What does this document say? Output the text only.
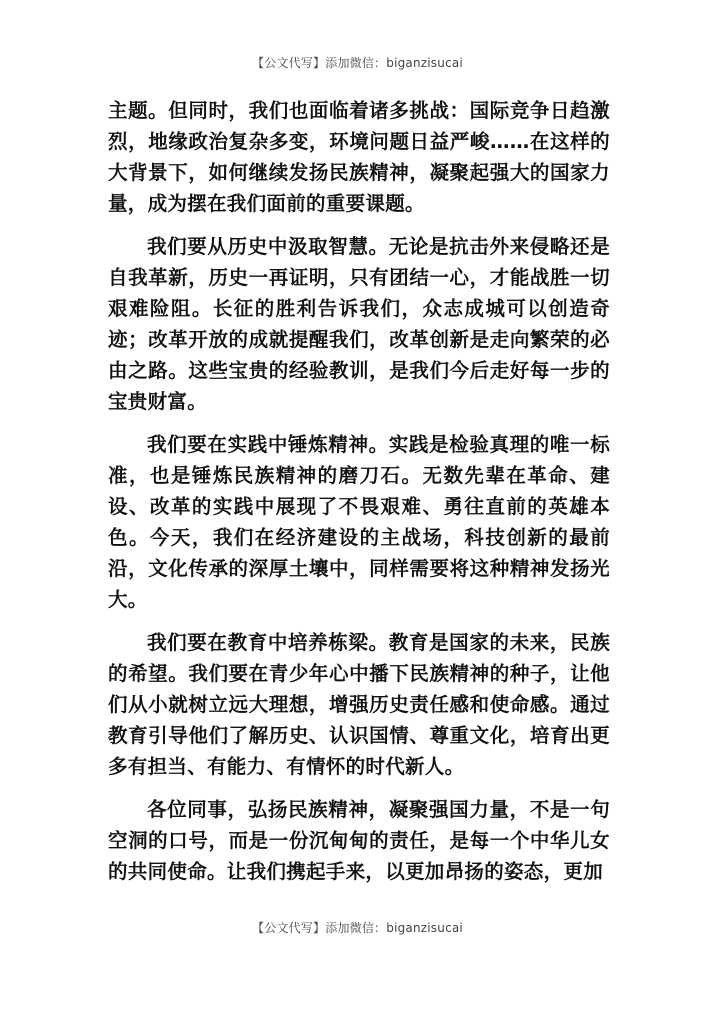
【公文代写】添加微信：biganzisucai

主题。但同时，我们也面临着诸多挑战：国际竞争日趋激烈，地缘政治复杂多变，环境问题日益严峻……在这样的大背景下，如何继续发扬民族精神，凝聚起强大的国家力量，成为摆在我们面前的重要课题。

我们要从历史中汲取智慧。无论是抗击外来侵略还是自我革新，历史一再证明，只有团结一心，才能战胜一切艰难险阻。长征的胜利告诉我们，众志成城可以创造奇迹；改革开放的成就提醒我们，改革创新是走向繁荣的必由之路。这些宝贵的经验教训，是我们今后走好每一步的宝贵财富。

我们要在实践中锤炼精神。实践是检验真理的唯一标准，也是锤炼民族精神的磨刀石。无数先辈在革命、建设、改革的实践中展现了不畏艰难、勇往直前的英雄本色。今天，我们在经济建设的主战场，科技创新的最前沿，文化传承的深厚土壤中，同样需要将这种精神发扬光大。

我们要在教育中培养栋梁。教育是国家的未来，民族的希望。我们要在青少年心中播下民族精神的种子，让他们从小就树立远大理想，增强历史责任感和使命感。通过教育引导他们了解历史、认识国情、尊重文化，培育出更多有担当、有能力、有情怀的时代新人。

各位同事，弘扬民族精神，凝聚强国力量，不是一句空洞的口号，而是一份沉甸甸的责任，是每一个中华儿女的共同使命。让我们携起手来，以更加昂扬的姿态，更加

【公文代写】添加微信：biganzisucai
